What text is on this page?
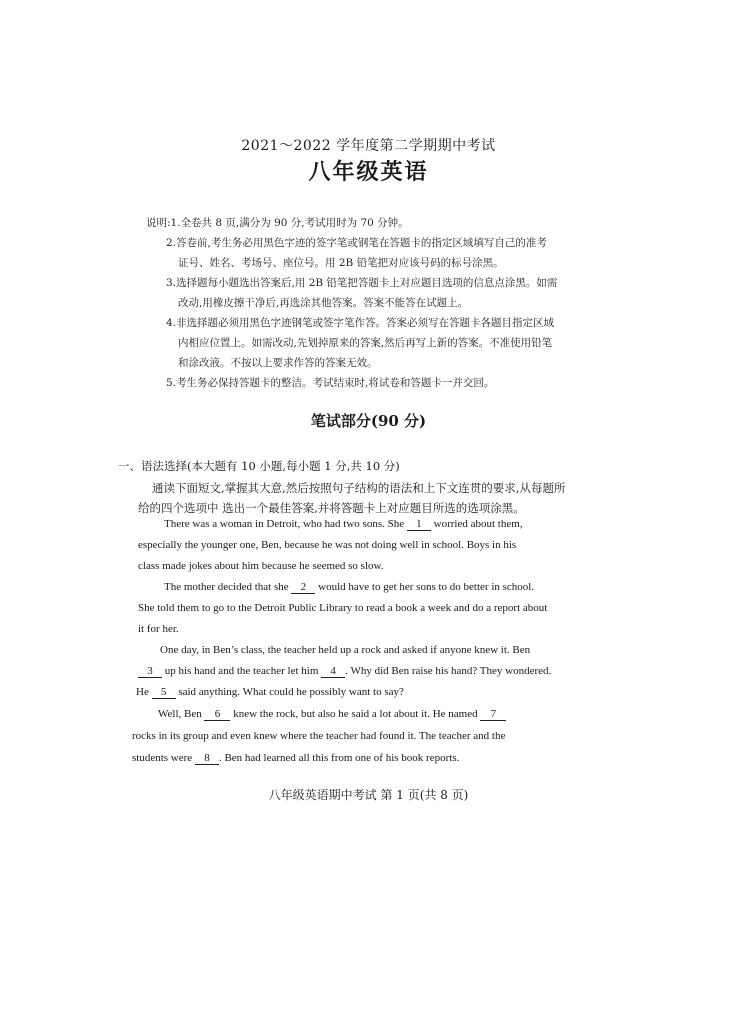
2021～2022 学年度第二学期期中考试
八年级英语
说明:1.全卷共 8 页,满分为 90 分,考试用时为 70 分钟。
2.答卷前,考生务必用黑色字迹的签字笔或钢笔在答题卡的指定区域填写自己的准考
证号、姓名、考场号、座位号。用 2B 铅笔把对应该号码的标号涂黑。
3.选择题每小题选出答案后,用 2B 铅笔把答题卡上对应题目选项的信息点涂黑。如需
改动,用橡皮擦干净后,再选涂其他答案。答案不能答在试题上。
4.非选择题必须用黑色字迹钢笔或签字笔作答。答案必须写在答题卡各题目指定区域
内相应位置上。如需改动,先划掉原来的答案,然后再写上新的答案。不准使用铅笔
和涂改液。不按以上要求作答的答案无效。
5.考生务必保持答题卡的整洁。考试结束时,将试卷和答题卡一并交回。
笔试部分(90 分)
一、语法选择(本大题有 10 小题,每小题 1 分,共 10 分)
通读下面短文,掌握其大意,然后按照句子结构的语法和上下文连贯的要求,从每题所
给的四个选项中 选出一个最佳答案,并将答题卡上对应题目所选的选项涂黑。
There was a woman in Detroit, who had two sons. She 1 worried about them,
especially the younger one, Ben, because he was not doing well in school. Boys in his
class made jokes about him because he seemed so slow.
The mother decided that she 2 would have to get her sons to do better in school.
She told them to go to the Detroit Public Library to read a book a week and do a report about
it for her.
One day, in Ben’s class, the teacher held up a rock and asked if anyone knew it. Ben
3 up his hand and the teacher let him 4 . Why did Ben raise his hand? They wondered.
He 5 said anything. What could he possibly want to say?
Well, Ben 6 knew the rock, but also he said a lot about it. He named 7
rocks in its group and even knew where the teacher had found it. The teacher and the
students were 8 . Ben had learned all this from one of his book reports.
八年级英语期中考试 第 1 页(共 8 页)
